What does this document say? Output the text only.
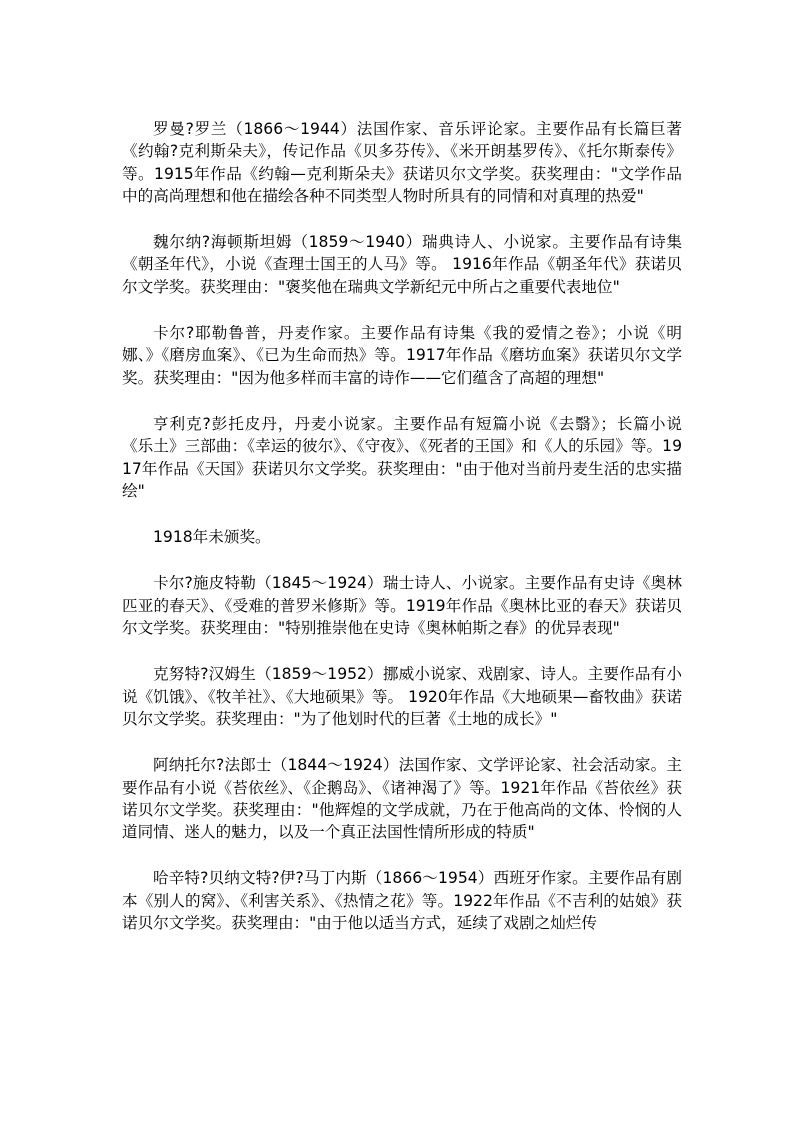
罗曼?罗兰（1866～1944）法国作家、音乐评论家。主要作品有长篇巨著《约翰?克利斯朵夫》，传记作品《贝多芬传》、《米开朗基罗传》、《托尔斯泰传》等。1915年作品《约翰—克利斯朵夫》获诺贝尔文学奖。获奖理由："文学作品中的高尚理想和他在描绘各种不同类型人物时所具有的同情和对真理的热爱"

魏尔纳?海顿斯坦姆（1859～1940）瑞典诗人、小说家。主要作品有诗集《朝圣年代》，小说《查理士国王的人马》等。 1916年作品《朝圣年代》获诺贝尔文学奖。获奖理由："褒奖他在瑞典文学新纪元中所占之重要代表地位"

卡尔?耶勒鲁普，丹麦作家。主要作品有诗集《我的爱情之卷》；小说《明娜、》《磨房血案》、《已为生命而热》等。1917年作品《磨坊血案》获诺贝尔文学奖。获奖理由："因为他多样而丰富的诗作——它们蕴含了高超的理想"

亨利克?彭托皮丹，丹麦小说家。主要作品有短篇小说《去翳》；长篇小说《乐土》三部曲：《幸运的彼尔》、《守夜》、《死者的王国》和《人的乐园》等。1917年作品《天国》获诺贝尔文学奖。获奖理由："由于他对当前丹麦生活的忠实描绘"

1918年未颁奖。

卡尔?施皮特勒（1845～1924）瑞士诗人、小说家。主要作品有史诗《奥林匹亚的春天》、《受难的普罗米修斯》等。1919年作品《奥林比亚的春天》获诺贝尔文学奖。获奖理由："特别推崇他在史诗《奥林帕斯之春》的优异表现"

克努特?汉姆生（1859～1952）挪威小说家、戏剧家、诗人。主要作品有小说《饥饿》、《牧羊社》、《大地硕果》等。 1920年作品《大地硕果—畜牧曲》获诺贝尔文学奖。获奖理由："为了他划时代的巨著《土地的成长》"

阿纳托尔?法郎士（1844～1924）法国作家、文学评论家、社会活动家。主要作品有小说《苔依丝》、《企鹅岛》、《诸神渴了》等。1921年作品《苔依丝》获诺贝尔文学奖。获奖理由："他辉煌的文学成就，乃在于他高尚的文体、怜悯的人道同情、迷人的魅力，以及一个真正法国性情所形成的特质"

哈辛特?贝纳文特?伊?马丁内斯（1866～1954）西班牙作家。主要作品有剧本《别人的窝》、《利害关系》、《热情之花》等。1922年作品《不吉利的姑娘》获诺贝尔文学奖。获奖理由："由于他以适当方式，延续了戏剧之灿烂传
